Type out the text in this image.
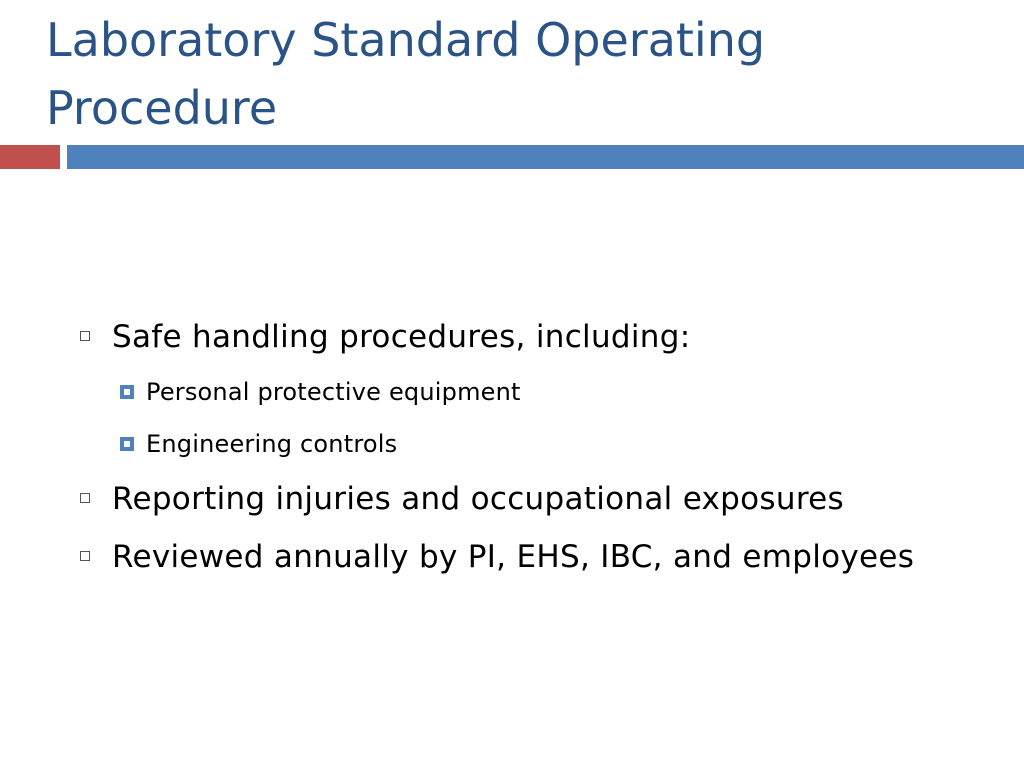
Laboratory Standard Operating
Procedure
Safe handling procedures, including:
Personal protective equipment
Engineering controls
Reporting injuries and occupational exposures
Reviewed annually by PI, EHS, IBC, and employees
